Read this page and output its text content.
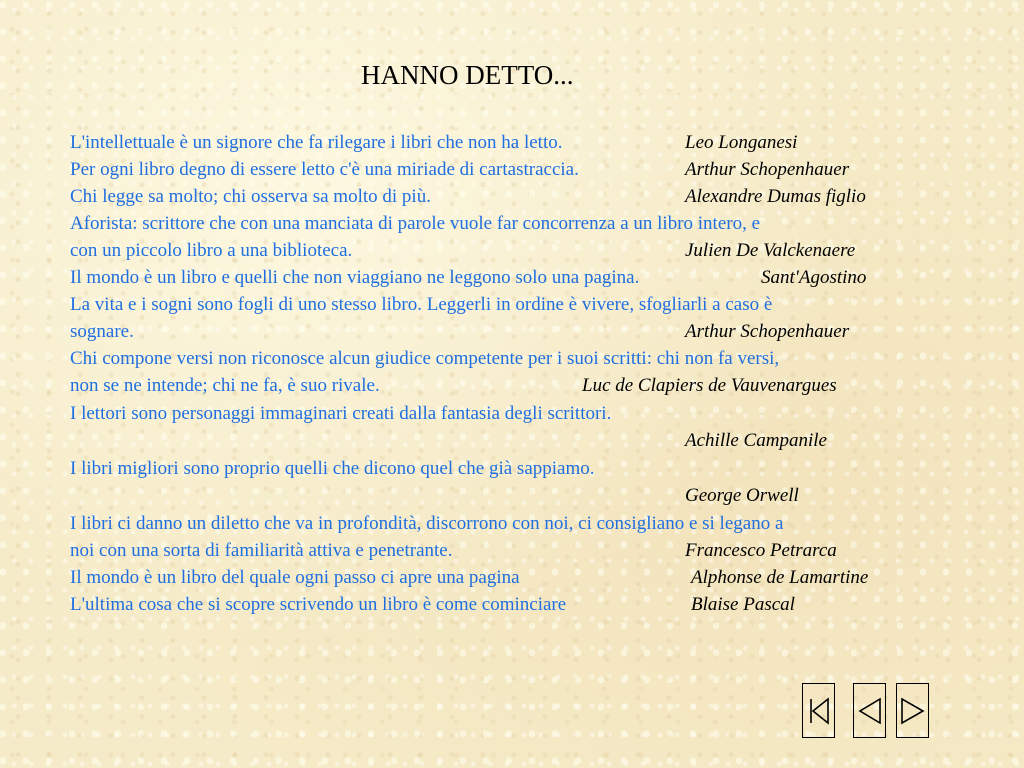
HANNO DETTO...
L'intellettuale è un signore che fa rilegare i libri che non ha letto.	Leo Longanesi
Per ogni libro degno di essere letto c'è una miriade di cartastraccia.	Arthur Schopenhauer
Chi legge sa molto; chi osserva sa molto di più.	Alexandre Dumas figlio
Aforista: scrittore che con una manciata di parole vuole far concorrenza a un libro intero, e
con un piccolo libro a una biblioteca.	Julien De Valckenaere
Il mondo è un libro e quelli che non viaggiano ne leggono solo una pagina.	Sant'Agostino
La vita e i sogni sono fogli di uno stesso libro. Leggerli in ordine è vivere, sfogliarli a caso è
sognare.	Arthur Schopenhauer
Chi compone versi non riconosce alcun giudice competente per i suoi scritti: chi non fa versi,
non se ne intende; chi ne fa, è suo rivale.	Luc de Clapiers de Vauvenargues
I lettori sono personaggi immaginari creati dalla fantasia degli scrittori.
Achille Campanile
I libri migliori sono proprio quelli che dicono quel che già sappiamo.
George Orwell
I libri ci danno un diletto che va in profondità, discorrono con noi, ci consigliano e si legano a
noi con una sorta di familiarità attiva e penetrante.	Francesco Petrarca
Il mondo è un libro del quale ogni passo ci apre una pagina	Alphonse de Lamartine
L'ultima cosa che si scopre scrivendo un libro è come cominciare	Blaise Pascal
